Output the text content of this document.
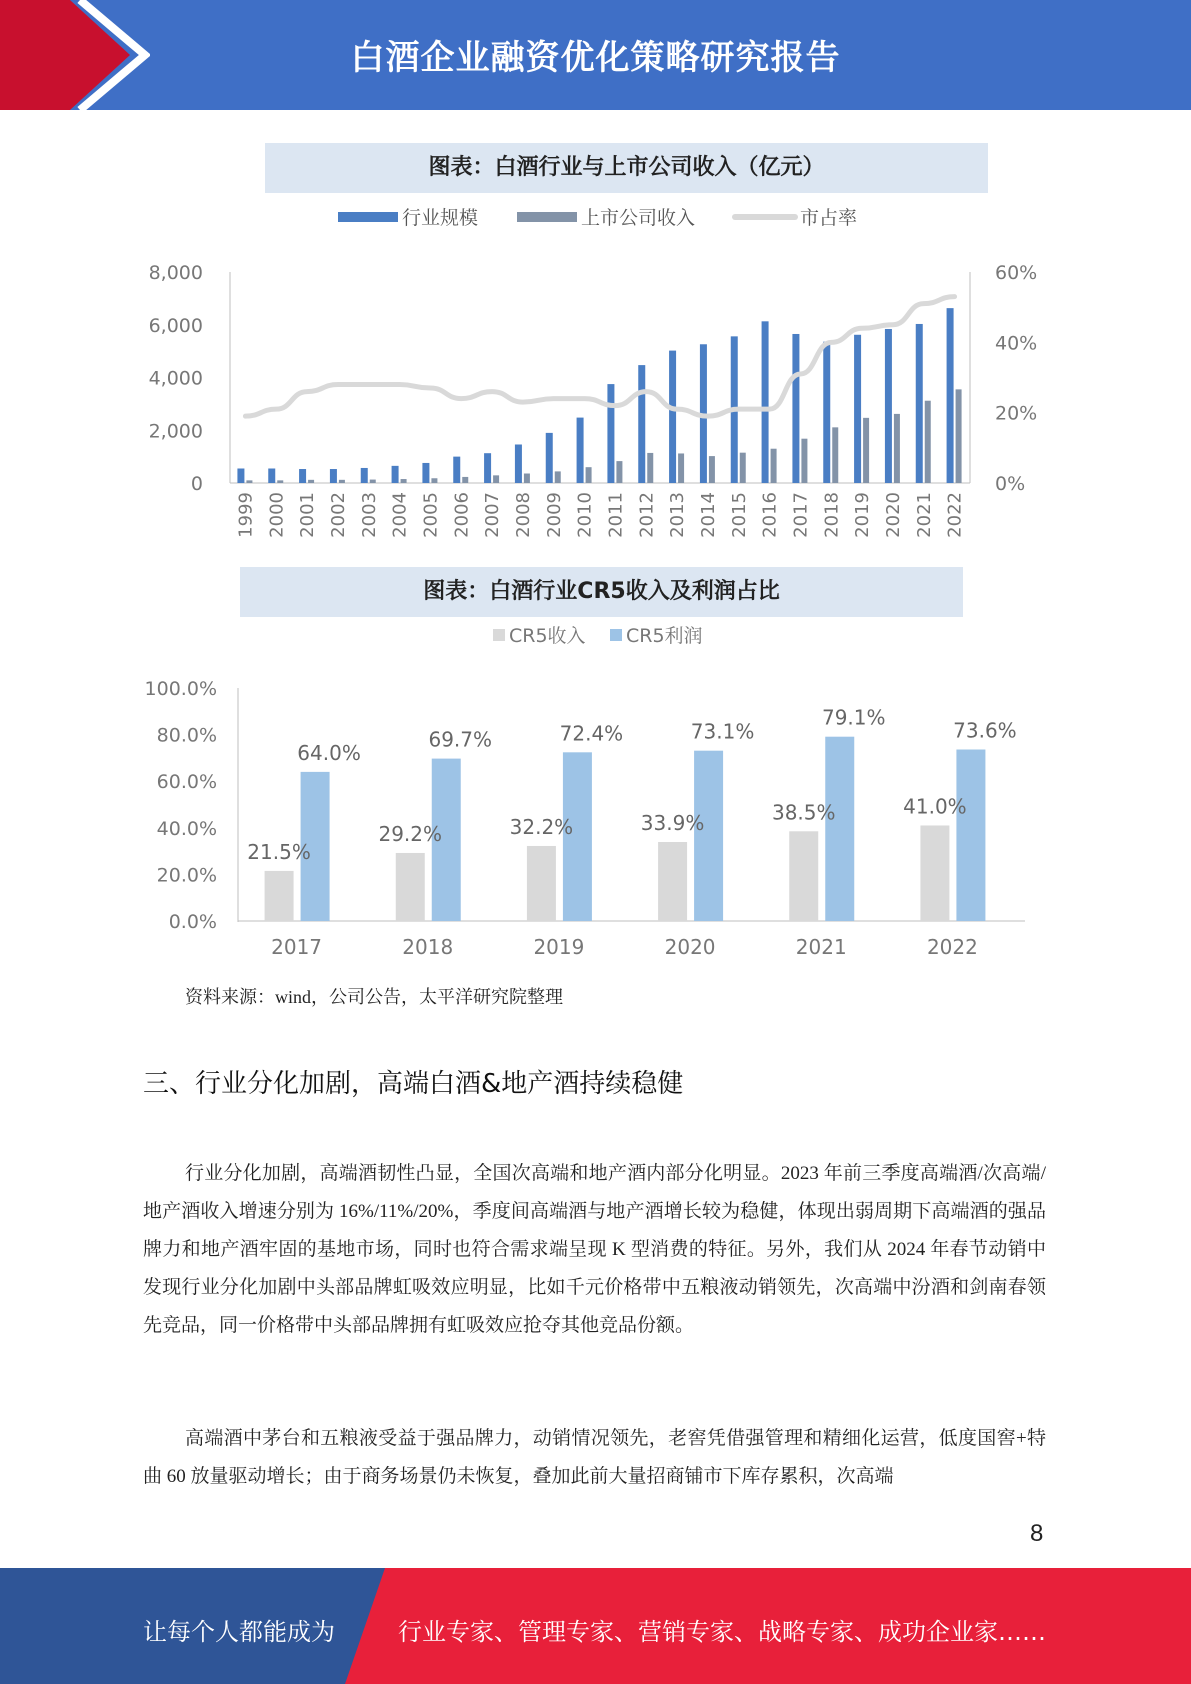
白酒企业融资优化策略研究报告
图表：白酒行业与上市公司收入（亿元）
行业规模	上市公司收入	市占率
8,000
6,000
4,000
2,000
0
60%
40%
20%
0%
1999 2000 2001 2002 2003 2004 2005 2006 2007 2008 2009 2010 2011 2012 2013 2014 2015 2016 2017 2018 2019 2020 2021 2022
图表：白酒行业CR5收入及利润占比
CR5收入 CR5利润
100.0%
80.0%
60.0%
40.0%
20.0%
0.0%
21.5%
64.0%
29.2%
69.7%
32.2%
72.4%
33.9%
73.1%
38.5%
79.1%
41.0%
73.6%
2017	2018	2019	2020	2021	2022
资料来源：wind，公司公告，太平洋研究院整理
三、行业分化加剧，高端白酒&地产酒持续稳健

行业分化加剧，高端酒韧性凸显，全国次高端和地产酒内部分化明显。2023 年前三季度高端酒/次高端/地产酒收入增速分别为 16%/11%/20%，季度间高端酒与地产酒增长较为稳健，体现出弱周期下高端酒的强品牌力和地产酒牢固的基地市场，同时也符合需求端呈现 K 型消费的特征。另外，我们从 2024 年春节动销中发现行业分化加剧中头部品牌虹吸效应明显，比如千元价格带中五粮液动销领先，次高端中汾酒和剑南春领先竞品，同一价格带中头部品牌拥有虹吸效应抢夺其他竞品份额。

高端酒中茅台和五粮液受益于强品牌力，动销情况领先，老窖凭借强管理和精细化运营，低度国窖+特曲 60 放量驱动增长；由于商务场景仍未恢复，叠加此前大量招商铺市下库存累积，次高端

8
让每个人都能成为	行业专家、管理专家、营销专家、战略专家、成功企业家……
